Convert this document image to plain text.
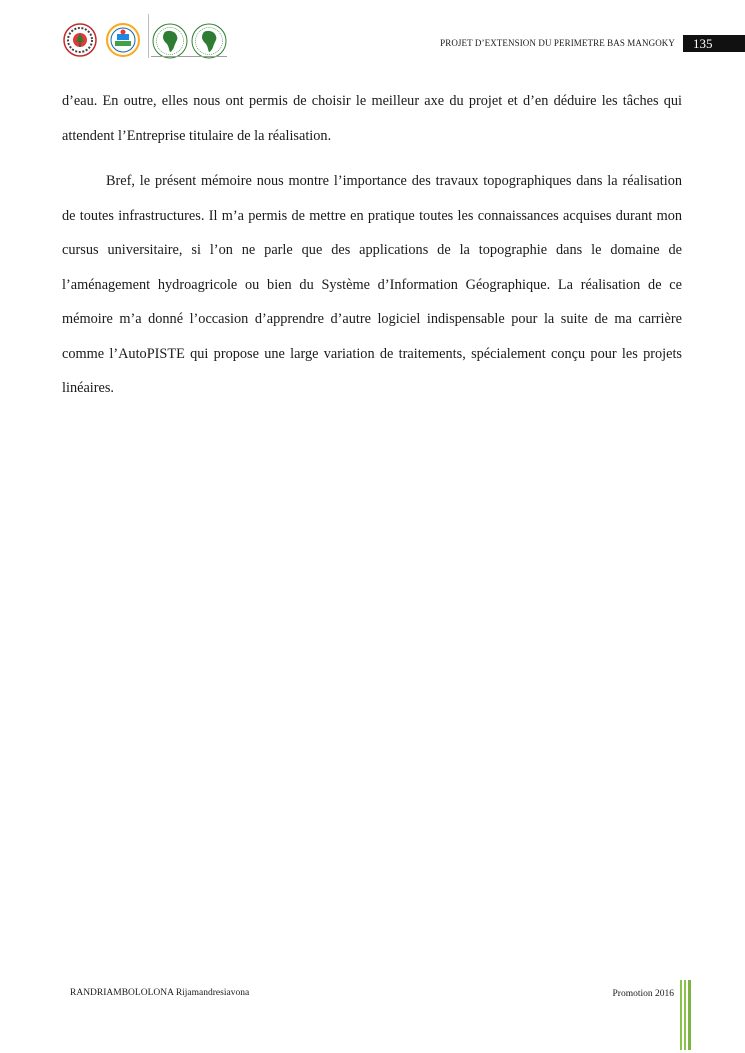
PROJET D’EXTENSION DU PERIMETRE BAS MANGOKY 135

d’eau. En outre, elles nous ont permis de choisir le meilleur axe du projet et d’en déduire les tâches qui attendent l’Entreprise titulaire de la réalisation.

Bref, le présent mémoire nous montre l’importance des travaux topographiques dans la réalisation de toutes infrastructures. Il m’a permis de mettre en pratique toutes les connaissances acquises durant mon cursus universitaire, si l’on ne parle que des applications de la topographie dans le domaine de l’aménagement hydroagricole ou bien du Système d’Information Géographique. La réalisation de ce mémoire m’a donné l’occasion d’apprendre d’autre logiciel indispensable pour la suite de ma carrière comme l’AutoPISTE qui propose une large variation de traitements, spécialement conçu pour les projets linéaires.

RANDRIAMBOLOLONA Rijamandresiavona	Promotion 2016
